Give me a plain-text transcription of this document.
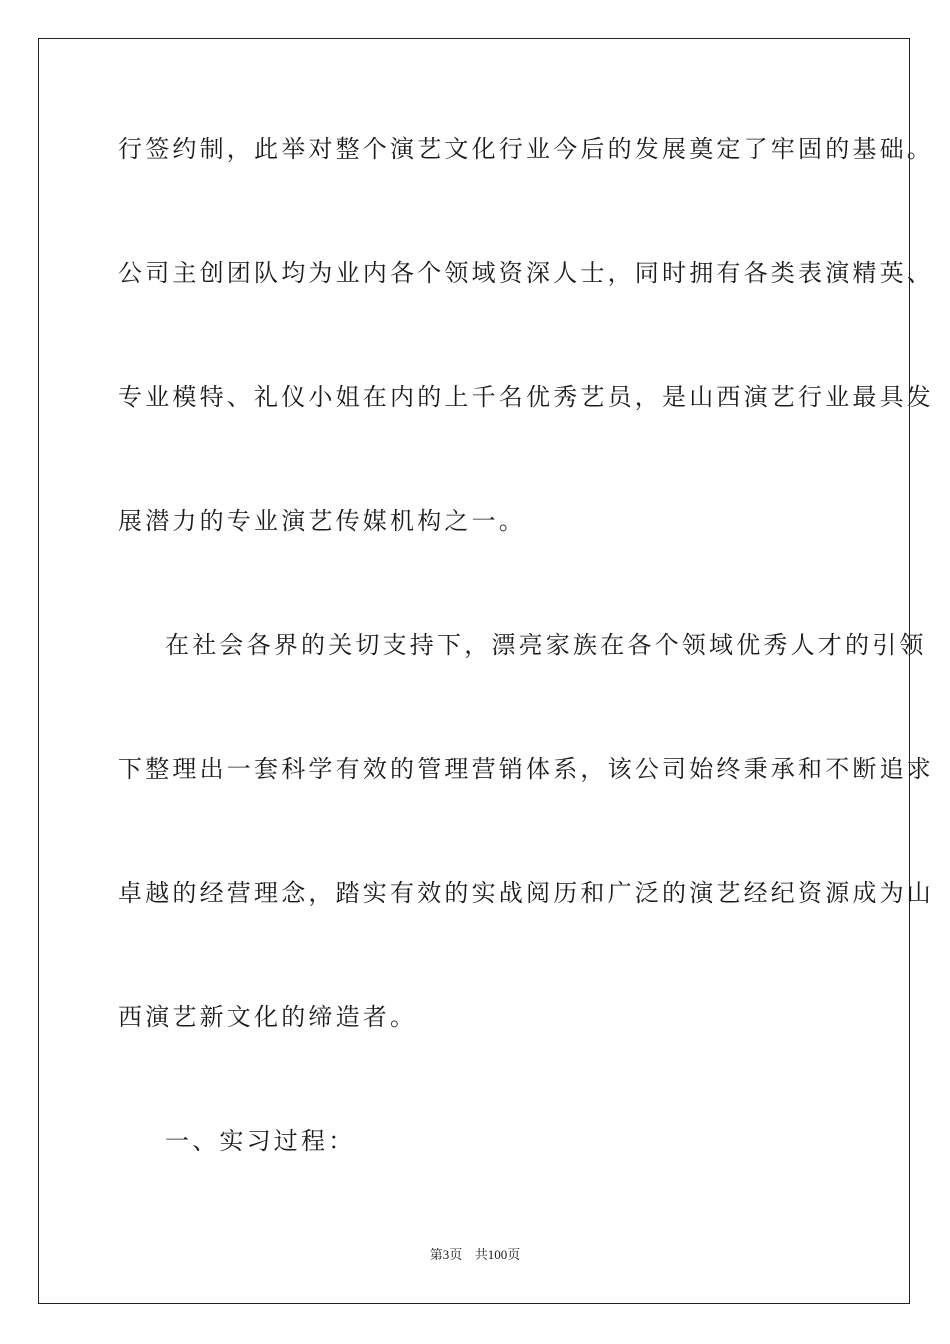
行签约制，此举对整个演艺文化行业今后的发展奠定了牢固的基础。
公司主创团队均为业内各个领域资深人士，同时拥有各类表演精英、
专业模特、礼仪小姐在内的上千名优秀艺员，是山西演艺行业最具发
展潜力的专业演艺传媒机构之一。
在社会各界的关切支持下，漂亮家族在各个领域优秀人才的引领
下整理出一套科学有效的管理营销体系，该公司始终秉承和不断追求
卓越的经营理念，踏实有效的实战阅历和广泛的演艺经纪资源成为山
西演艺新文化的缔造者。
一、实习过程：
第3页 共100页
